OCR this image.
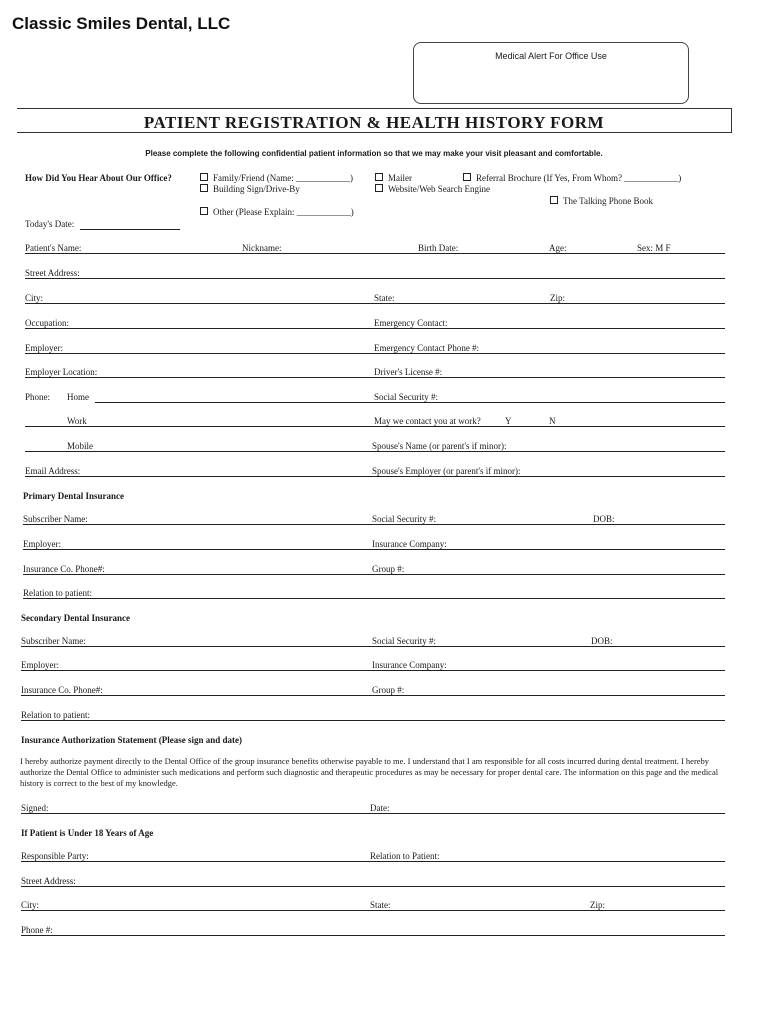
Classic Smiles Dental, LLC
Medical Alert For Office Use
PATIENT REGISTRATION & HEALTH HISTORY FORM
Please complete the following confidential patient information so that we may make your visit pleasant and comfortable.
How Did You Hear About Our Office?	Family/Friend (Name: ____________)
Building Sign/Drive-By
Mailer
Website/Web Search Engine
Referral Brochure (If Yes, From Whom? ____________)
The Talking Phone Book
Other (Please Explain: ____________)
Today's Date:
Patient's Name:	Nickname:	Birth Date:	Age:	Sex: M F
Street Address:
City:	State:	Zip:
Occupation:	Emergency Contact:
Employer:	Emergency Contact Phone #:
Employer Location:	Driver's License #:
Phone: Home	Social Security #:
Work	May we contact you at work?	Y	N
Mobile	Spouse's Name (or parent's if minor):
Email Address:	Spouse's Employer (or parent's if minor):
Primary Dental Insurance
Subscriber Name:	Social Security #:	DOB:
Employer:	Insurance Company:
Insurance Co. Phone#:	Group #:
Relation to patient:
Secondary Dental Insurance
Subscriber Name:	Social Security #:	DOB:
Employer:	Insurance Company:
Insurance Co. Phone#:	Group #:
Relation to patient:
Insurance Authorization Statement (Please sign and date)
I hereby authorize payment directly to the Dental Office of the group insurance benefits otherwise payable to me. I understand that I am responsible for all costs incurred during dental treatment. I hereby authorize the Dental Office to administer such medications and perform such diagnostic and therapeutic procedures as may be necessary for proper dental care. The information on this page and the medical history is correct to the best of my knowledge.
Signed:	Date:
If Patient is Under 18 Years of Age
Responsible Party:	Relation to Patient:
Street Address:
City:	State:	Zip:
Phone #:
